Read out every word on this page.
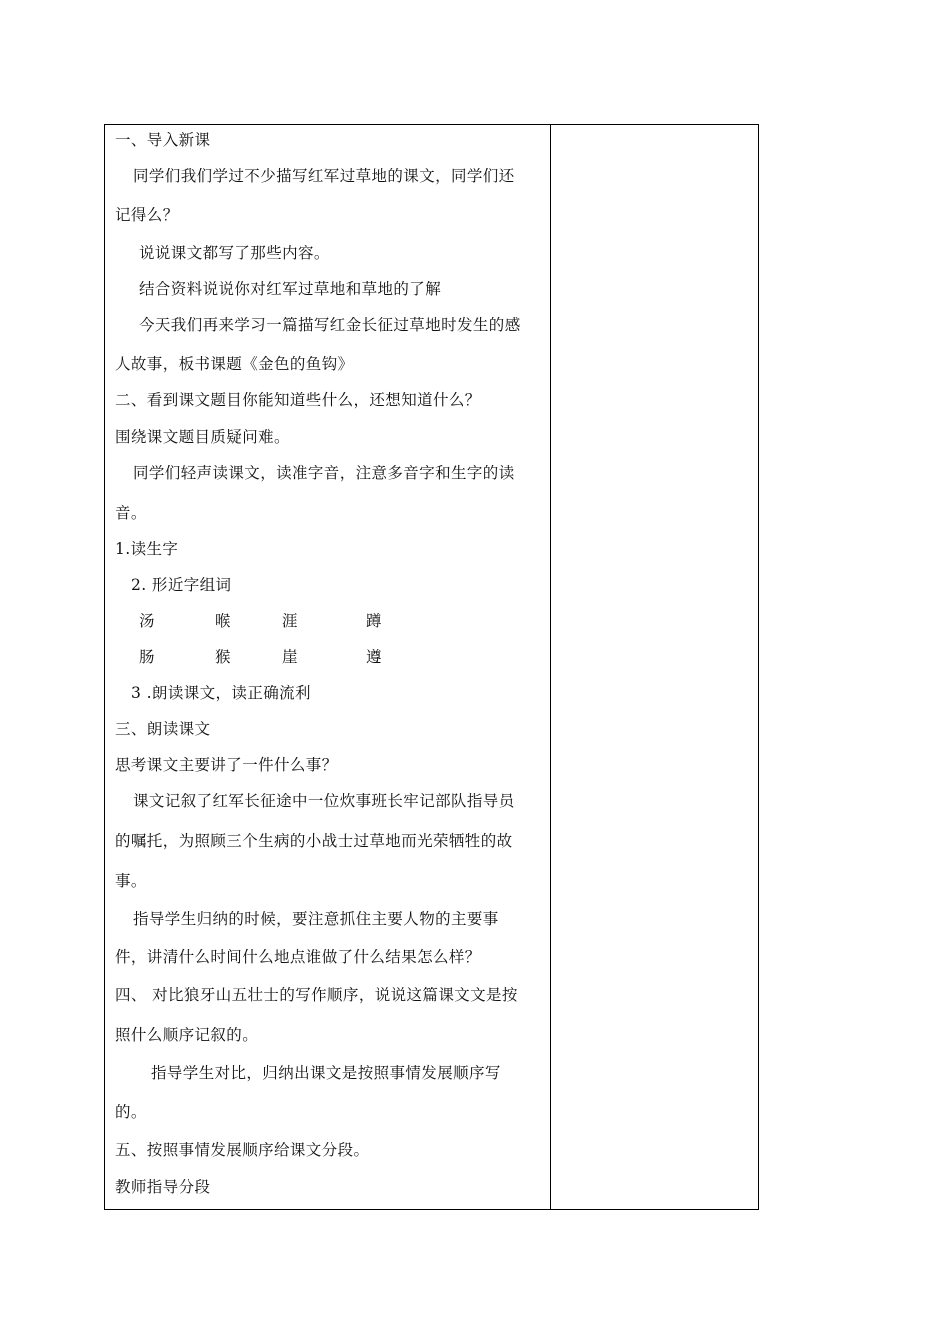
一、导入新课
同学们我们学过不少描写红军过草地的课文，同学们还
记得么？
说说课文都写了那些内容。
结合资料说说你对红军过草地和草地的了解
今天我们再来学习一篇描写红金长征过草地时发生的感
人故事，板书课题《金色的鱼钩》
二、看到课文题目你能知道些什么，还想知道什么？
围绕课文题目质疑问难。
同学们轻声读课文，读准字音，注意多音字和生字的读
音。
1.读生字
2. 形近字组词
汤	喉	涯	蹲
肠	猴	崖	遵
3 .朗读课文，读正确流利
三、朗读课文
思考课文主要讲了一件什么事？
课文记叙了红军长征途中一位炊事班长牢记部队指导员
的嘱托，为照顾三个生病的小战士过草地而光荣牺牲的故
事。
指导学生归纳的时候，要注意抓住主要人物的主要事
件，讲清什么时间什么地点谁做了什么结果怎么样？
四、 对比狼牙山五壮士的写作顺序，说说这篇课文文是按
照什么顺序记叙的。
指导学生对比，归纳出课文是按照事情发展顺序写
的。
五、按照事情发展顺序给课文分段。
教师指导分段
